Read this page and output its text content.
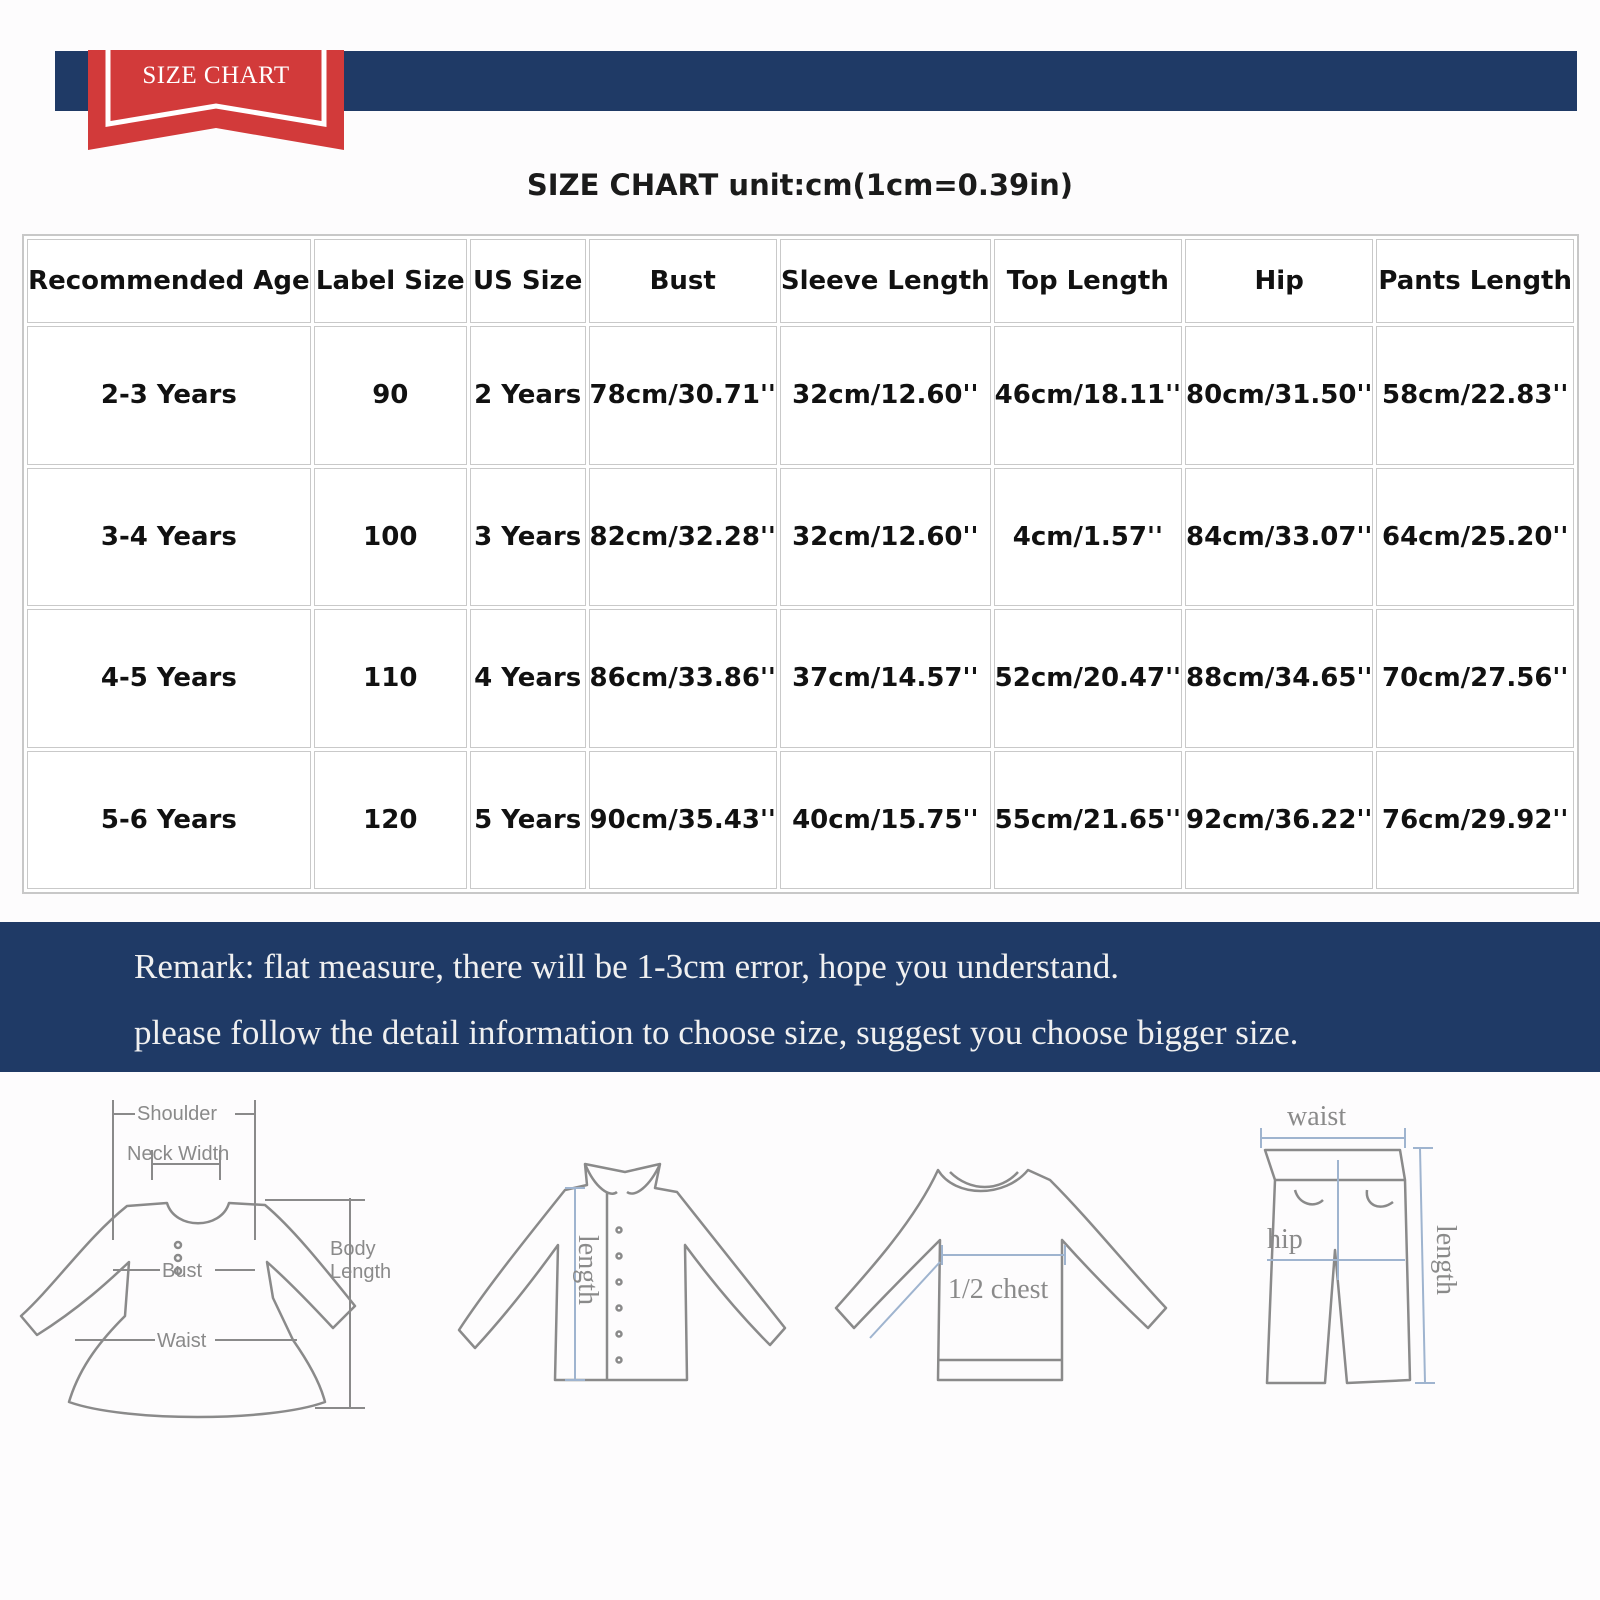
SIZE CHART
SIZE CHART unit:cm(1cm=0.39in)
Recommended Age	Label Size	US Size	Bust	Sleeve Length	Top Length	Hip	Pants Length
2-3 Years	90	2 Years	78cm/30.71''	32cm/12.60''	46cm/18.11''	80cm/31.50''	58cm/22.83''
3-4 Years	100	3 Years	82cm/32.28''	32cm/12.60''	4cm/1.57''	84cm/33.07''	64cm/25.20''
4-5 Years	110	4 Years	86cm/33.86''	37cm/14.57''	52cm/20.47''	88cm/34.65''	70cm/27.56''
5-6 Years	120	5 Years	90cm/35.43''	40cm/15.75''	55cm/21.65''	92cm/36.22''	76cm/29.92''
Remark: flat measure, there will be 1-3cm error, hope you understand.
please follow the detail information to choose size, suggest you choose bigger size.
Shoulder
Neck Width
Bust
Waist
Body
Length	length	1/2 chest
waist
hip	length
